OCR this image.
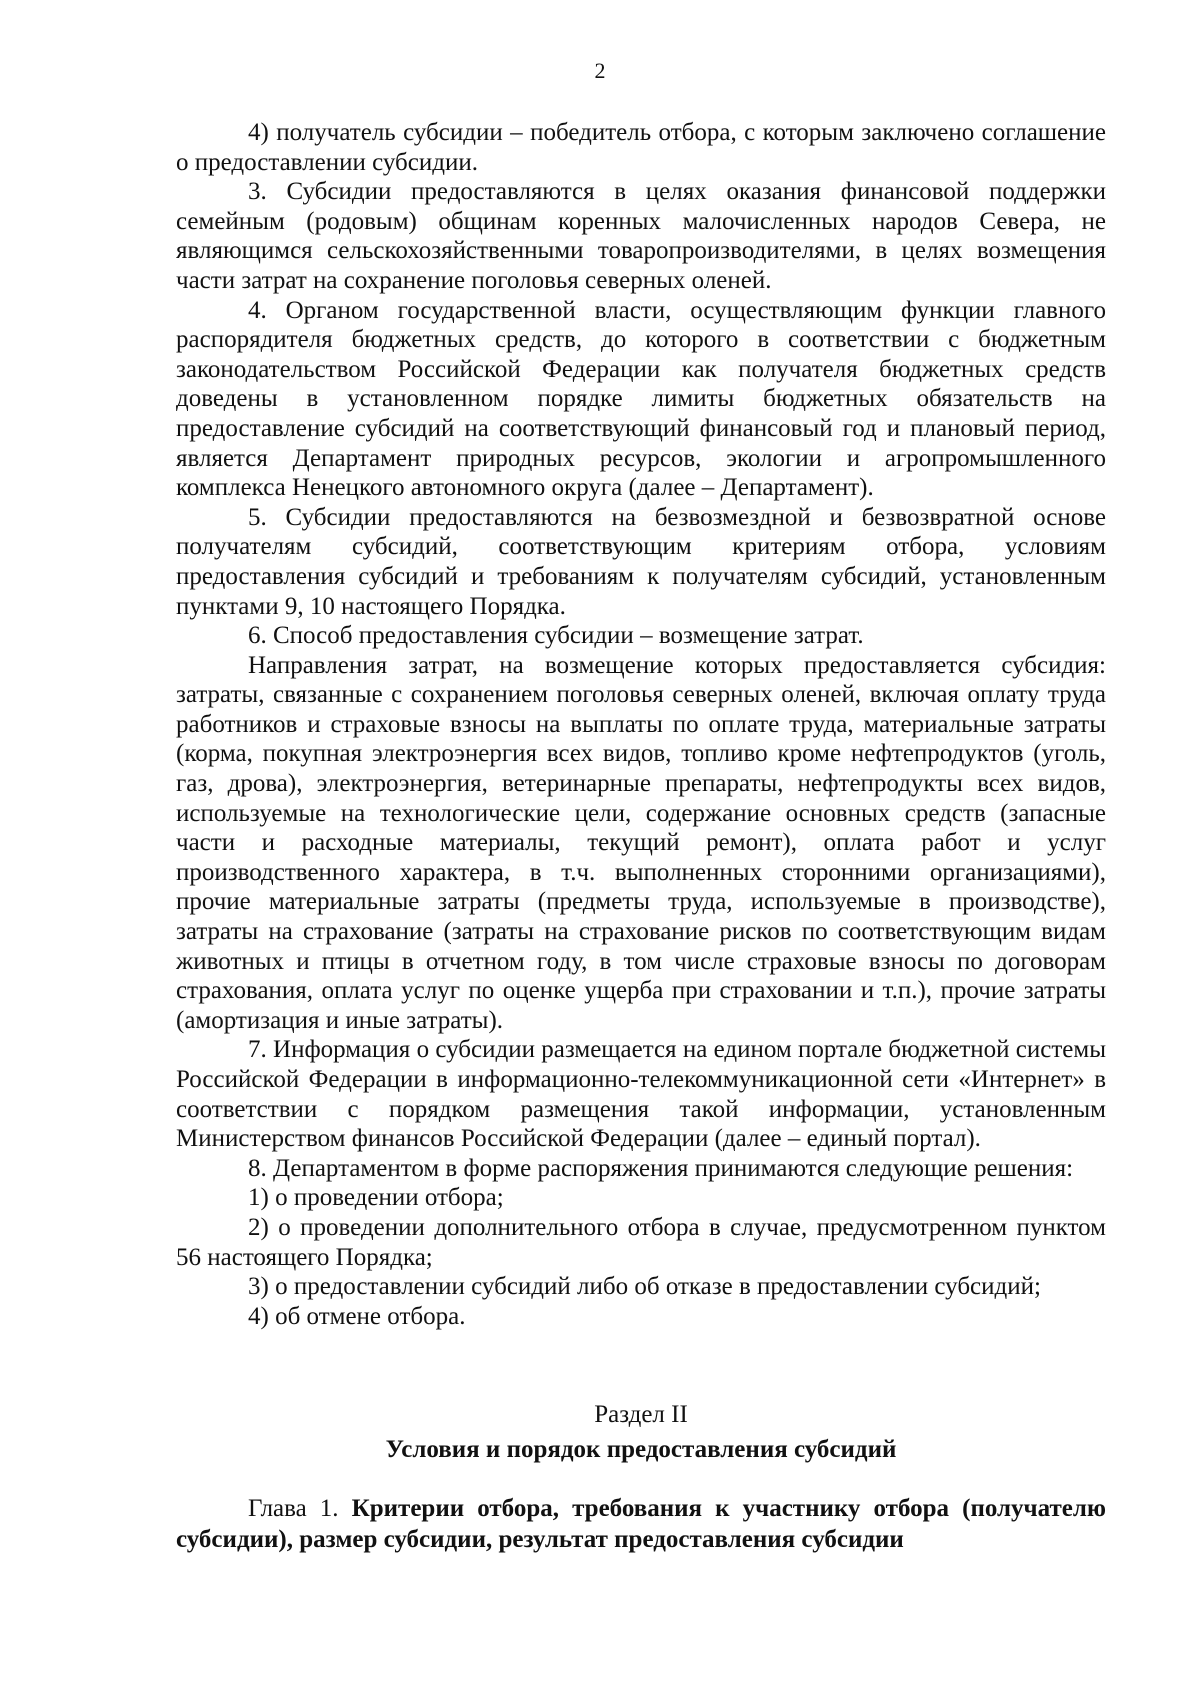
2

4) получатель субсидии – победитель отбора, с которым заключено соглашение о предоставлении субсидии.

3. Субсидии предоставляются в целях оказания финансовой поддержки семейным (родовым) общинам коренных малочисленных народов Севера, не являющимся сельскохозяйственными товаропроизводителями, в целях возмещения части затрат на сохранение поголовья северных оленей.

4. Органом государственной власти, осуществляющим функции главного распорядителя бюджетных средств, до которого в соответствии с бюджетным законодательством Российской Федерации как получателя бюджетных средств доведены в установленном порядке лимиты бюджетных обязательств на предоставление субсидий на соответствующий финансовый год и плановый период, является Департамент природных ресурсов, экологии и агропромышленного комплекса Ненецкого автономного округа (далее – Департамент).

5. Субсидии предоставляются на безвозмездной и безвозвратной основе получателям субсидий, соответствующим критериям отбора, условиям предоставления субсидий и требованиям к получателям субсидий, установленным пунктами 9, 10 настоящего Порядка.

6. Способ предоставления субсидии – возмещение затрат.

Направления затрат, на возмещение которых предоставляется субсидия: затраты, связанные с сохранением поголовья северных оленей, включая оплату труда работников и страховые взносы на выплаты по оплате труда, материальные затраты (корма, покупная электроэнергия всех видов, топливо кроме нефтепродуктов (уголь, газ, дрова), электроэнергия, ветеринарные препараты, нефтепродукты всех видов, используемые на технологические цели, содержание основных средств (запасные части и расходные материалы, текущий ремонт), оплата работ и услуг производственного характера, в т.ч. выполненных сторонними организациями), прочие материальные затраты (предметы труда, используемые в производстве), затраты на страхование (затраты на страхование рисков по соответствующим видам животных и птицы в отчетном году, в том числе страховые взносы по договорам страхования, оплата услуг по оценке ущерба при страховании и т.п.), прочие затраты (амортизация и иные затраты).

7. Информация о субсидии размещается на едином портале бюджетной системы Российской Федерации в информационно-телекоммуникационной сети «Интернет» в соответствии с порядком размещения такой информации, установленным Министерством финансов Российской Федерации (далее – единый портал).

8. Департаментом в форме распоряжения принимаются следующие решения:

1) о проведении отбора;

2) о проведении дополнительного отбора в случае, предусмотренном пунктом 56 настоящего Порядка;

3) о предоставлении субсидий либо об отказе в предоставлении субсидий;

4) об отмене отбора.

Раздел II
Условия и порядок предоставления субсидий
Глава 1. Критерии отбора, требования к участнику отбора (получателю субсидии), размер субсидии, результат предоставления субсидии
